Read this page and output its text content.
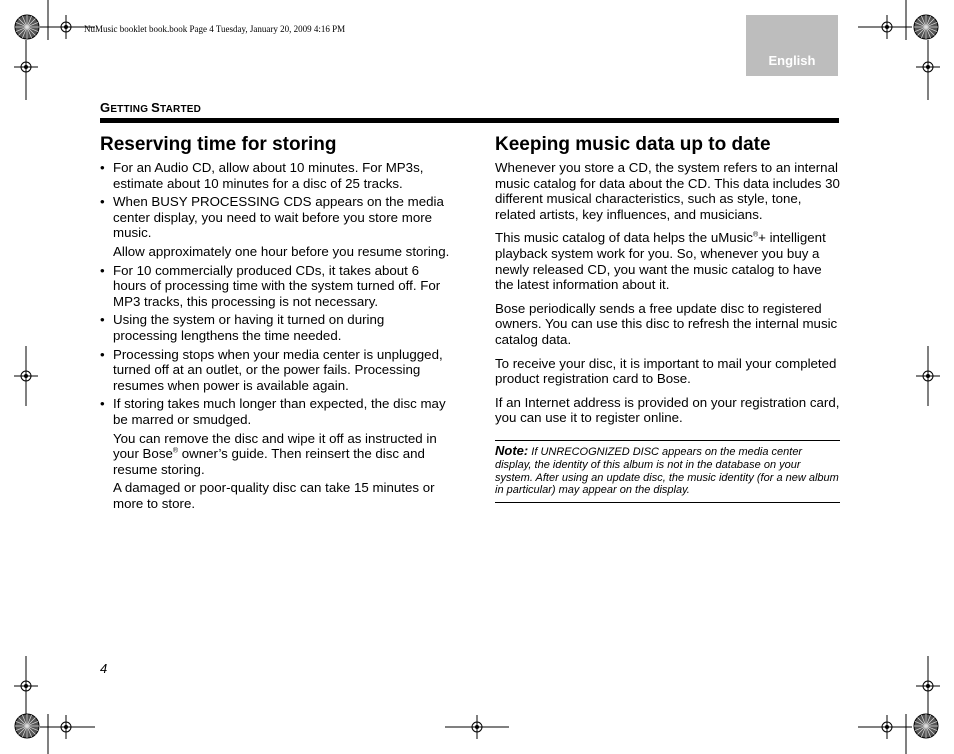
NuMusic booklet book.book Page 4 Tuesday, January 20, 2009 4:16 PM
English
GETTING STARTED
Reserving time for storing
• For an Audio CD, allow about 10 minutes. For MP3s, estimate about 10 minutes for a disc of 25 tracks.
• When BUSY PROCESSING CDS appears on the media center display, you need to wait before you store more music.

Allow approximately one hour before you resume storing.

• For 10 commercially produced CDs, it takes about 6 hours of processing time with the system turned off. For MP3 tracks, this processing is not necessary.
• Using the system or having it turned on during processing lengthens the time needed.
• Processing stops when your media center is unplugged, turned off at an outlet, or the power fails. Processing resumes when power is available again.
• If storing takes much longer than expected, the disc may be marred or smudged.

You can remove the disc and wipe it off as instructed in your Bose® owner’s guide. Then reinsert the disc and resume storing.

A damaged or poor-quality disc can take 15 minutes or more to store.

Keeping music data up to date

Whenever you store a CD, the system refers to an internal music catalog for data about the CD. This data includes 30 different musical characteristics, such as style, tone, related artists, key influences, and musicians.

This music catalog of data helps the uMusic®+ intelligent playback system work for you. So, whenever you buy a newly released CD, you want the music catalog to have the latest information about it.

Bose periodically sends a free update disc to registered owners. You can use this disc to refresh the internal music catalog data.

To receive your disc, it is important to mail your completed product registration card to Bose.

If an Internet address is provided on your registration card, you can use it to register online.

Note: If UNRECOGNIZED DISC appears on the media center display, the identity of this album is not in the database on your system. After using an update disc, the music identity (for a new album in particular) may appear on the display.
4
